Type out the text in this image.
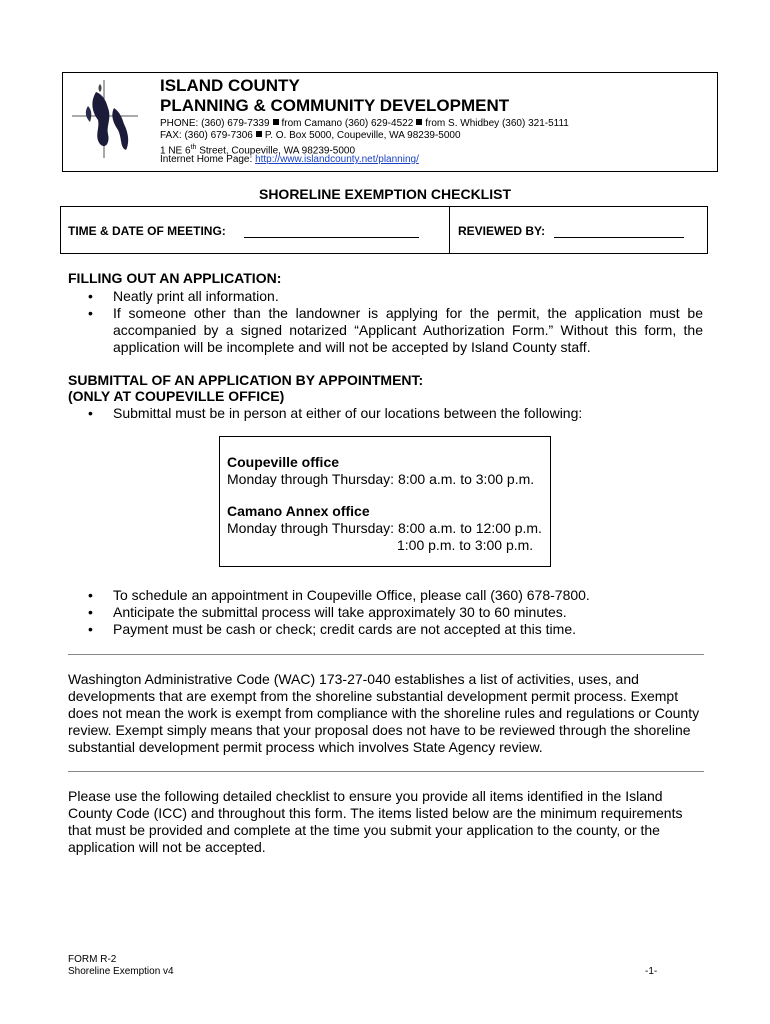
ISLAND COUNTY
PLANNING & COMMUNITY DEVELOPMENT
PHONE: (360) 679-7339 from Camano (360) 629-4522 from S. Whidbey (360) 321-5111
FAX: (360) 679-7306 P. O. Box 5000, Coupeville, WA 98239-5000
1 NE 6th Street, Coupeville, WA 98239-5000
Internet Home Page: http://www.islandcounty.net/planning/
SHORELINE EXEMPTION CHECKLIST
TIME & DATE OF MEETING:	REVIEWED BY:
FILLING OUT AN APPLICATION:
• Neatly print all information.
• If someone other than the landowner is applying for the permit, the application must be
accompanied by a signed notarized “Applicant Authorization Form.” Without this form, the
application will be incomplete and will not be accepted by Island County staff.
SUBMITTAL OF AN APPLICATION BY APPOINTMENT:
(ONLY AT COUPEVILLE OFFICE)
• Submittal must be in person at either of our locations between the following:
Coupeville office
Monday through Thursday: 8:00 a.m. to 3:00 p.m.
Camano Annex office
Monday through Thursday: 8:00 a.m. to 12:00 p.m.
1:00 p.m. to 3:00 p.m.
• To schedule an appointment in Coupeville Office, please call (360) 678-7800.
• Anticipate the submittal process will take approximately 30 to 60 minutes.
• Payment must be cash or check; credit cards are not accepted at this time.
Washington Administrative Code (WAC) 173-27-040 establishes a list of activities, uses, and
developments that are exempt from the shoreline substantial development permit process. Exempt
does not mean the work is exempt from compliance with the shoreline rules and regulations or County
review. Exempt simply means that your proposal does not have to be reviewed through the shoreline
substantial development permit process which involves State Agency review.
Please use the following detailed checklist to ensure you provide all items identified in the Island
County Code (ICC) and throughout this form. The items listed below are the minimum requirements
that must be provided and complete at the time you submit your application to the county, or the
application will not be accepted.
FORM R-2
Shoreline Exemption v4	-1-
